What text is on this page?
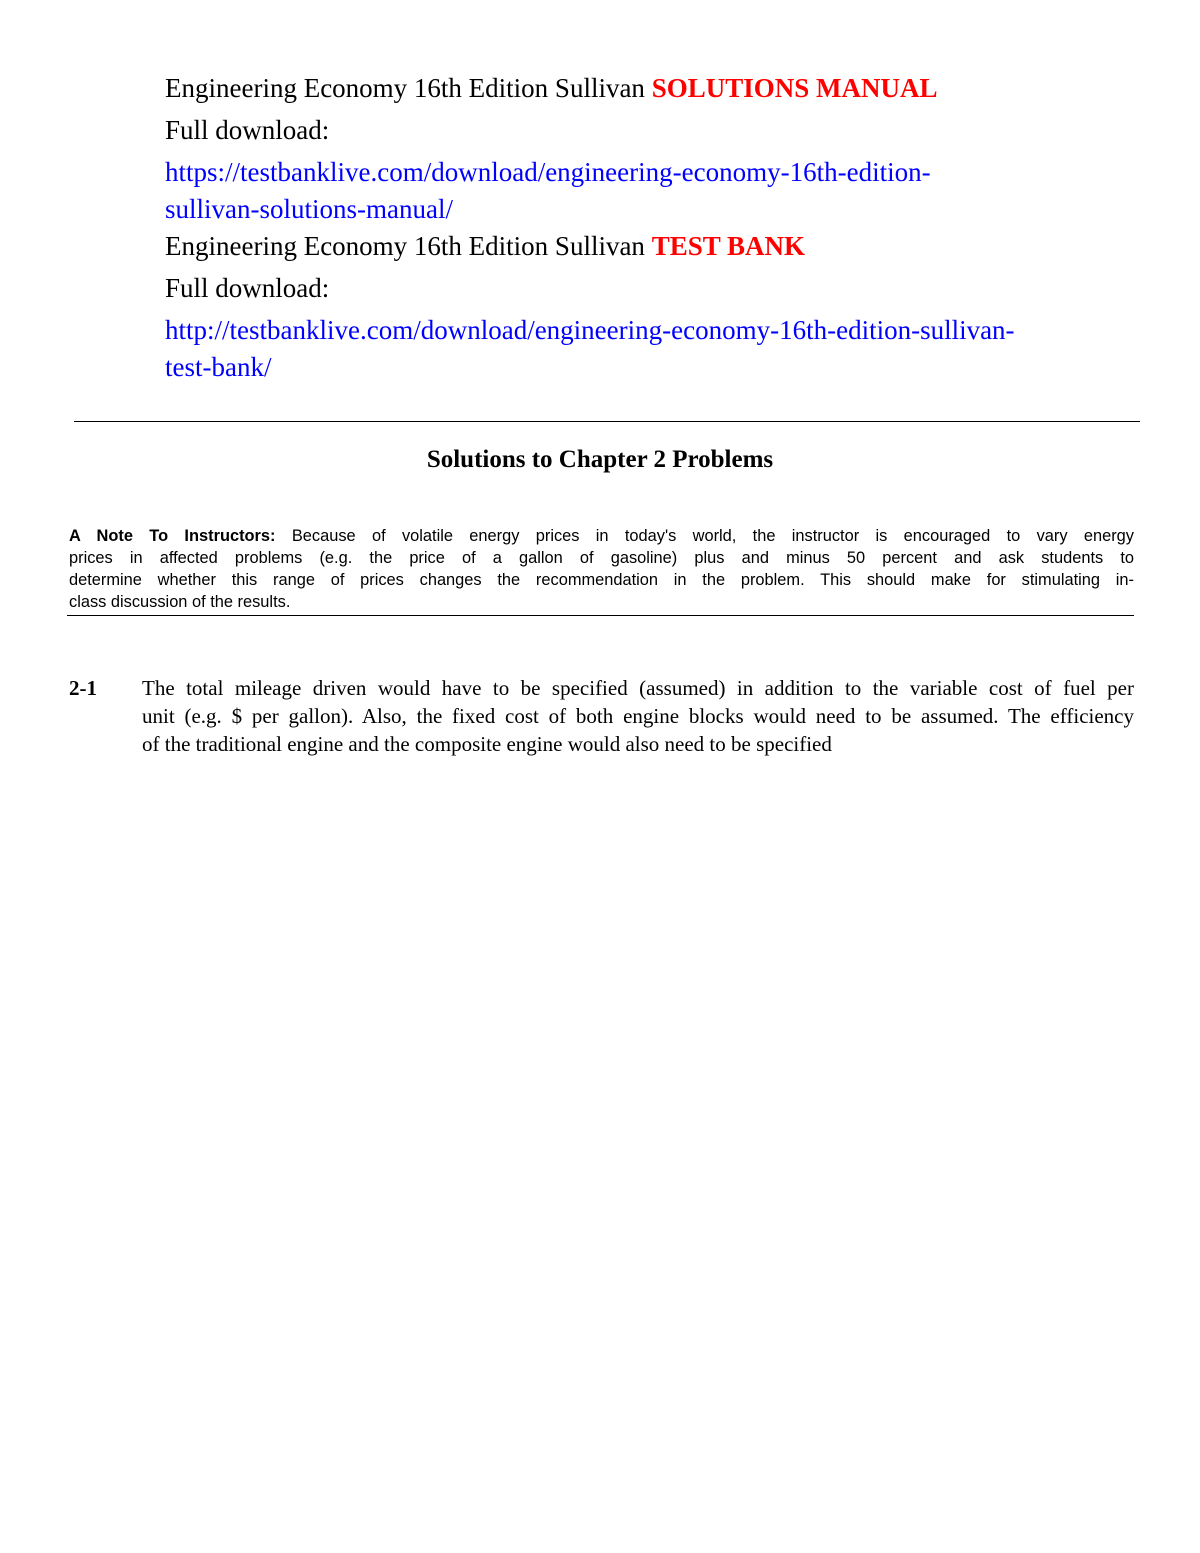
Engineering Economy 16th Edition Sullivan SOLUTIONS MANUAL
Full download:
https://testbanklive.com/download/engineering-economy-16th-edition-
sullivan-solutions-manual/
Engineering Economy 16th Edition Sullivan TEST BANK
Full download:
http://testbanklive.com/download/engineering-economy-16th-edition-sullivan-
test-bank/
Solutions to Chapter 2 Problems
A Note To Instructors: Because of volatile energy prices in today's world, the instructor is encouraged to vary energy
prices in affected problems (e.g. the price of a gallon of gasoline) plus and minus 50 percent and ask students to
determine whether this range of prices changes the recommendation in the problem. This should make for stimulating in-
class discussion of the results.
2-1 The total mileage driven would have to be specified (assumed) in addition to the variable cost of fuel per
unit (e.g. $ per gallon). Also, the fixed cost of both engine blocks would need to be assumed. The efficiency
of the traditional engine and the composite engine would also need to be specified
